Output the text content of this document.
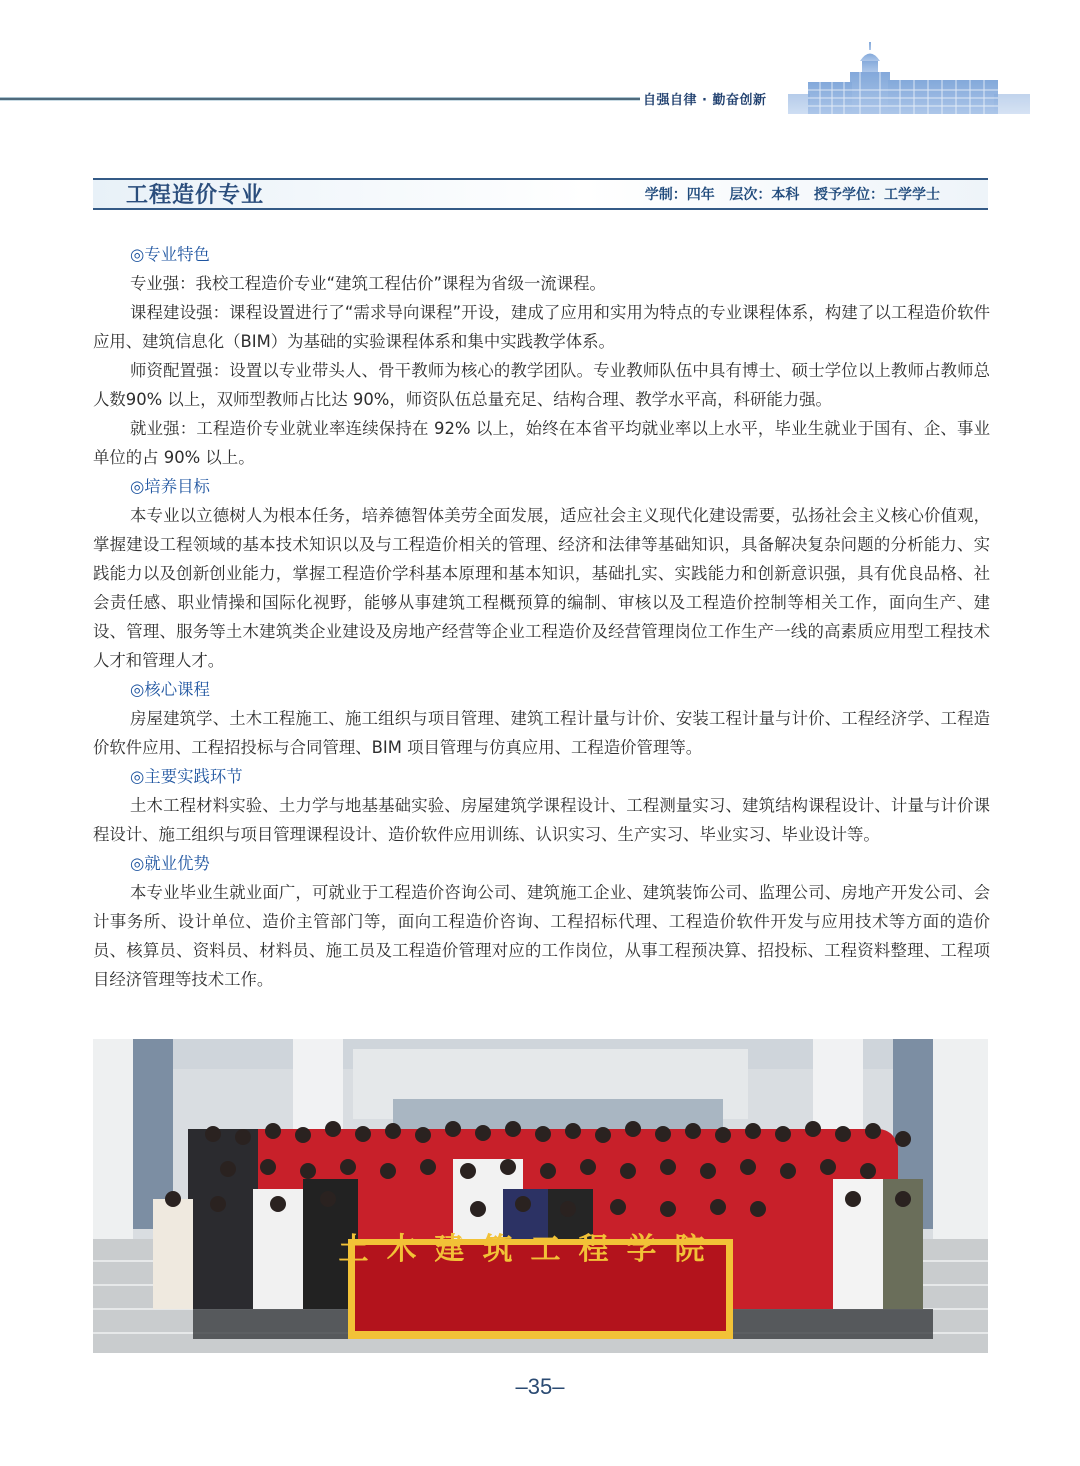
自强自律 · 勤奋创新
工程造价专业	学制：四年 层次：本科 授予学位：工学学士
◎专业特色

专业强：我校工程造价专业“建筑工程估价”课程为省级一流课程。

课程建设强：课程设置进行了“需求导向课程”开设，建成了应用和实用为特点的专业课程体系，构建了以工程造价软件应用、建筑信息化（BIM）为基础的实验课程体系和集中实践教学体系。

师资配置强：设置以专业带头人、骨干教师为核心的教学团队。专业教师队伍中具有博士、硕士学位以上教师占教师总人数90% 以上，双师型教师占比达 90%，师资队伍总量充足、结构合理、教学水平高，科研能力强。

就业强：工程造价专业就业率连续保持在 92% 以上，始终在本省平均就业率以上水平，毕业生就业于国有、企、事业单位的占 90% 以上。

◎培养目标

本专业以立德树人为根本任务，培养德智体美劳全面发展，适应社会主义现代化建设需要，弘扬社会主义核心价值观，掌握建设工程领域的基本技术知识以及与工程造价相关的管理、经济和法律等基础知识，具备解决复杂问题的分析能力、实践能力以及创新创业能力，掌握工程造价学科基本原理和基本知识，基础扎实、实践能力和创新意识强，具有优良品格、社会责任感、职业情操和国际化视野，能够从事建筑工程概预算的编制、审核以及工程造价控制等相关工作，面向生产、建设、管理、服务等土木建筑类企业建设及房地产经营等企业工程造价及经营管理岗位工作生产一线的高素质应用型工程技术人才和管理人才。

◎核心课程

房屋建筑学、土木工程施工、施工组织与项目管理、建筑工程计量与计价、安装工程计量与计价、工程经济学、工程造价软件应用、工程招投标与合同管理、BIM 项目管理与仿真应用、工程造价管理等。

◎主要实践环节

土木工程材料实验、土力学与地基基础实验、房屋建筑学课程设计、工程测量实习、建筑结构课程设计、计量与计价课程设计、施工组织与项目管理课程设计、造价软件应用训练、认识实习、生产实习、毕业实习、毕业设计等。

◎就业优势

本专业毕业生就业面广，可就业于工程造价咨询公司、建筑施工企业、建筑装饰公司、监理公司、房地产开发公司、会计事务所、设计单位、造价主管部门等，面向工程造价咨询、工程招标代理、工程造价软件开发与应用技术等方面的造价员、核算员、资料员、材料员、施工员及工程造价管理对应的工作岗位，从事工程预决算、招投标、工程资料整理、工程项目经济管理等技术工作。

土木建筑工程学院
–35–
